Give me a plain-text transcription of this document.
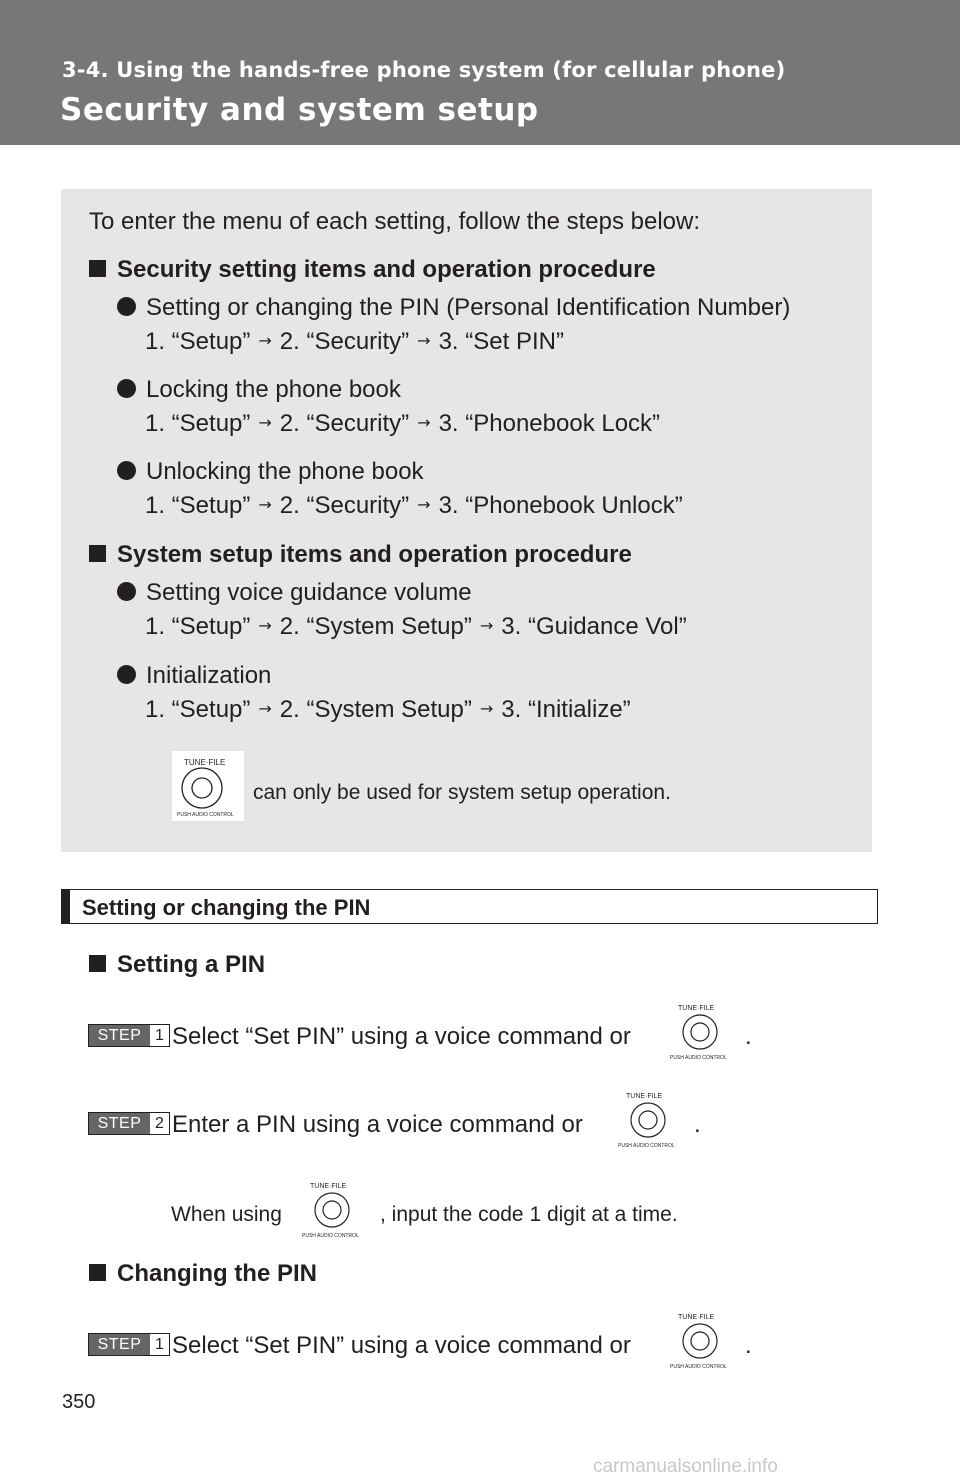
3-4. Using the hands-free phone system (for cellular phone)
Security and system setup
To enter the menu of each setting, follow the steps below:
Security setting items and operation procedure
Setting or changing the PIN (Personal Identification Number)
1. “Setup” → 2. “Security” → 3. “Set PIN”
Locking the phone book
1. “Setup” → 2. “Security” → 3. “Phonebook Lock”
Unlocking the phone book
1. “Setup” → 2. “Security” → 3. “Phonebook Unlock”
System setup items and operation procedure
Setting voice guidance volume
1. “Setup” → 2. “System Setup” → 3. “Guidance Vol”
Initialization
1. “Setup” → 2. “System Setup” → 3. “Initialize”
TUNE·FILE
PUSH AUDIO CONTROL
can only be used for system setup operation.
Setting or changing the PIN
Setting a PIN
STEP 1 Select “Set PIN” using a voice command or
TUNE·FILE
PUSH AUDIO CONTROL
.
STEP 2 Enter a PIN using a voice command or
TUNE·FILE
PUSH AUDIO CONTROL
.
When using
TUNE·FILE
PUSH AUDIO CONTROL
, input the code 1 digit at a time.
Changing the PIN
STEP 1 Select “Set PIN” using a voice command or
TUNE·FILE
PUSH AUDIO CONTROL
.
350
carmanualsonline.info
